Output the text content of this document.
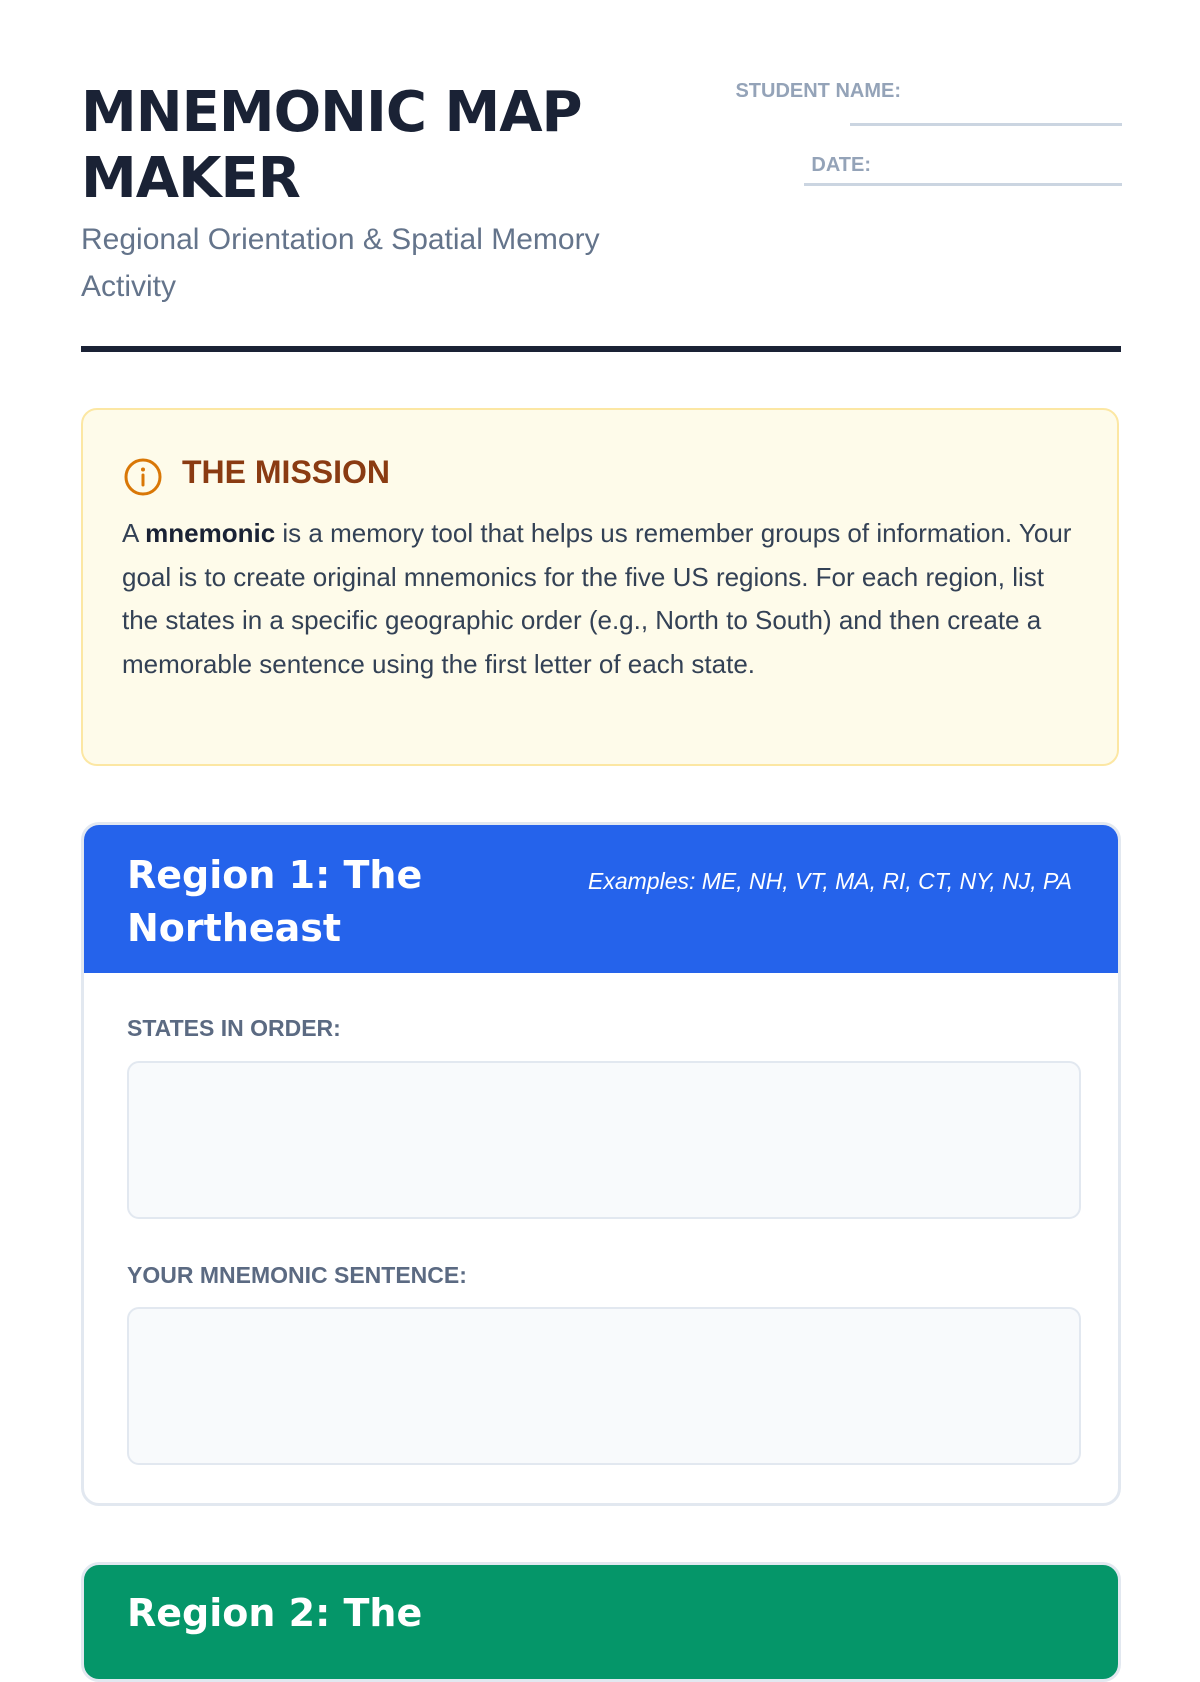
MNEMONIC MAP MAKER

Regional Orientation & Spatial Memory Activity

STUDENT NAME:
DATE:
THE MISSION

A mnemonic is a memory tool that helps us remember groups of information. Your goal is to create original mnemonics for the five US regions. For each region, list the states in a specific geographic order (e.g., North to South) and then create a memorable sentence using the first letter of each state.

Region 1: The Northeast

Examples: ME, NH, VT, MA, RI, CT, NY, NJ, PA

STATES IN ORDER:

YOUR MNEMONIC SENTENCE:

Region 2: The
